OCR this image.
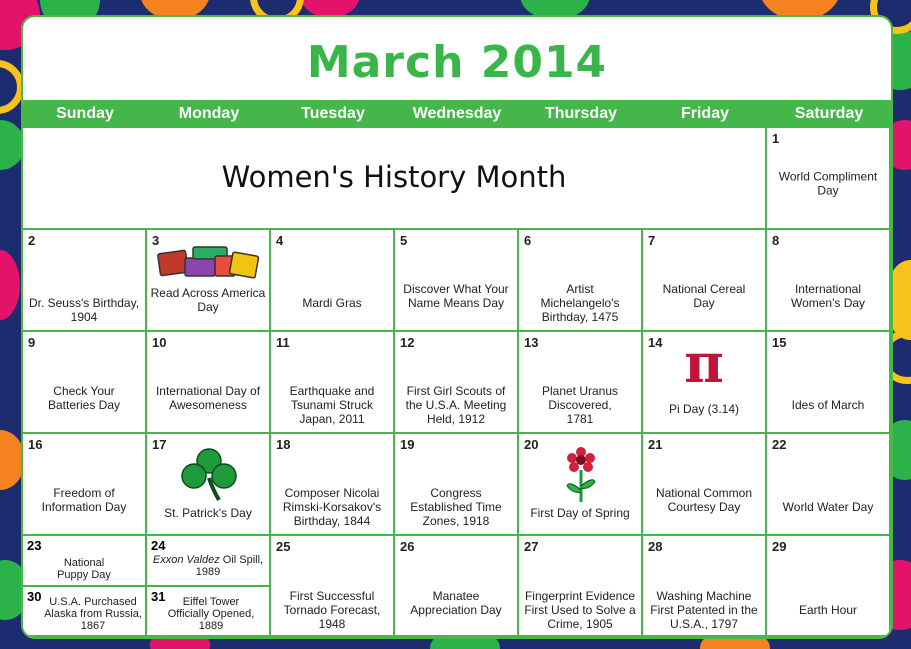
March 2014
Sunday	Monday	Tuesday	Wednesday	Thursday	Friday	Saturday
Women's History Month
1
World Compliment Day
2
Dr. Seuss's Birthday, 1904
3
Read Across America Day
4
Mardi Gras
5
Discover What Your Name Means Day
6
Artist Michelangelo's Birthday, 1475
7
National Cereal Day
8
International Women's Day
9
Check Your Batteries Day
10
International Day of Awesomeness
11
Earthquake and Tsunami Struck Japan, 2011
12
First Girl Scouts of the U.S.A. Meeting Held, 1912
13
Planet Uranus Discovered, 1781
14 π
Pi Day (3.14)
15
Ides of March
16
Freedom of Information Day
17
St. Patrick's Day
18
Composer Nicolai Rimski-Korsakov's Birthday, 1844
19
Congress Established Time Zones, 1918
20
First Day of Spring
21
National Common Courtesy Day
22
World Water Day
23
National Puppy Day
30 U.S.A. Purchased Alaska from Russia, 1867
24
Exxon Valdez Oil Spill, 1989
31	Eiffel Tower Officially Opened, 1889
25
First Successful Tornado Forecast, 1948
26
Manatee Appreciation Day
27
Fingerprint Evidence First Used to Solve a Crime, 1905
28
Washing Machine First Patented in the U.S.A., 1797
29
Earth Hour
